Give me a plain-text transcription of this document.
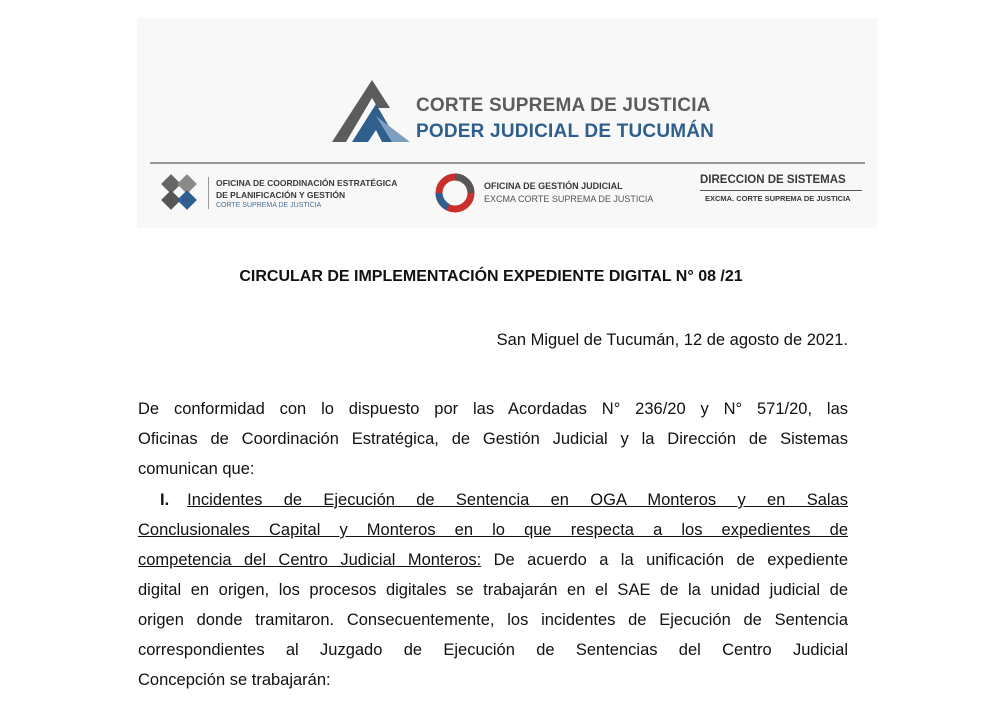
CORTE SUPREMA DE JUSTICIA
PODER JUDICIAL DE TUCUMÁN
OFICINA DE COORDINACIÓN ESTRATÉGICA
DE PLANIFICACIÓN Y GESTIÓN
CORTE SUPREMA DE JUSTICIA
OFICINA DE GESTIÓN JUDICIAL
EXCMA CORTE SUPREMA DE JUSTICIA
DIRECCION DE SISTEMAS
EXCMA. CORTE SUPREMA DE JUSTICIA
CIRCULAR DE IMPLEMENTACIÓN EXPEDIENTE DIGITAL N° 08 /21
San Miguel de Tucumán, 12 de agosto de 2021.
De conformidad con lo dispuesto por las Acordadas N° 236/20 y N° 571/20, las
Oficinas de Coordinación Estratégica, de Gestión Judicial y la Dirección de Sistemas
comunican que:
I. Incidentes de Ejecución de Sentencia en OGA Monteros y en Salas
Conclusionales Capital y Monteros en lo que respecta a los expedientes de
competencia del Centro Judicial Monteros: De acuerdo a la unificación de expediente
digital en origen, los procesos digitales se trabajarán en el SAE de la unidad judicial de
origen donde tramitaron. Consecuentemente, los incidentes de Ejecución de Sentencia
correspondientes al Juzgado de Ejecución de Sentencias del Centro Judicial
Concepción se trabajarán:
